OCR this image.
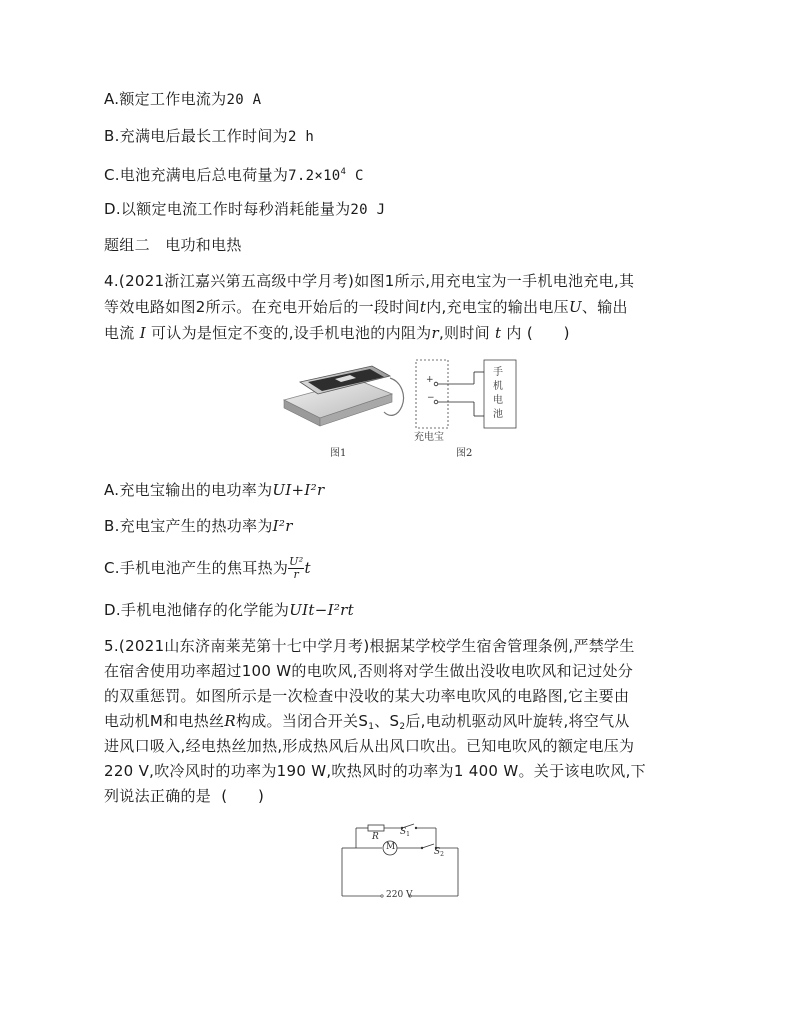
A.额定工作电流为20 A
B.充满电后最长工作时间为2 h
C.电池充满电后总电荷量为$7.2\times 10^4$ C
D.以额定电流工作时每秒消耗能量为20 J
题组二　电功和电热
4.(2021浙江嘉兴第五高级中学月考)如图1所示,用充电宝为一手机电池充电,其
等效电路如图2所示。在充电开始后的一段时间t内,充电宝的输出电压U、输出
电流 I 可认为是恒定不变的,设手机电池的内阻为r,则时间 t 内 (　　)
图1
+
−
手
机
电
池
充电宝
图2
A.充电宝输出的电功率为UI+I²r
B.充电宝产生的热功率为I²r
C.手机电池产生的焦耳热为 $\frac{\text{U²}}{r}$ t
D.手机电池储存的化学能为UIt−I²rt
5.(2021山东济南莱芜第十七中学月考)根据某学校学生宿舍管理条例,严禁学生
在宿舍使用功率超过100 W的电吹风,否则将对学生做出没收电吹风和记过处分
的双重惩罚。如图所示是一次检查中没收的某大功率电吹风的电路图,它主要由
电动机M和电热丝R构成。当闭合开关$S_1$、$S_2$后,电动机驱动风叶旋转,将空气从
进风口吸入,经电热丝加热,形成热风后从出风口吹出。已知电吹风的额定电压为
220 V,吹冷风时的功率为190 W,吹热风时的功率为1 400 W。关于该电吹风,下
列说法正确的是 (　　)
R $S_1$
M	$S_2$
220 V
